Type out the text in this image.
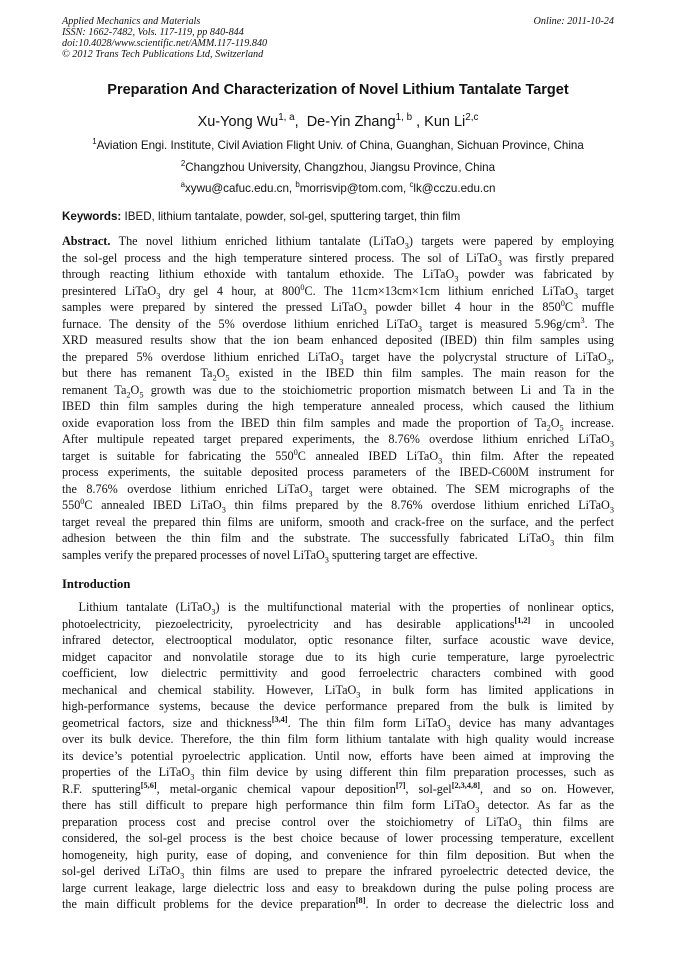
Applied Mechanics and Materials
ISSN: 1662-7482, Vols. 117-119, pp 840-844
doi:10.4028/www.scientific.net/AMM.117-119.840
© 2012 Trans Tech Publications Ltd, Switzerland
Online: 2011-10-24
Preparation And Characterization of Novel Lithium Tantalate Target
Xu-Yong Wu$^{1, a}$,  De-Yin Zhang$^{1, b}$ , Kun Li$^{2,c}$
$^1$Aviation Engi. Institute, Civil Aviation Flight Univ. of China, Guanghan, Sichuan Province, China
$^2$Changzhou University, Changzhou, Jiangsu Province, China
$^a$xywu@cafuc.edu.cn, $^b$morrisvip@tom.com, $^c$lk@cczu.edu.cn
Keywords: IBED, lithium tantalate, powder, sol-gel, sputtering target, thin film
Abstract. The novel lithium enriched lithium tantalate (LiTaO$_3$) targets were papered by employing
the sol-gel process and the high temperature sintered process. The sol of LiTaO$_3$ was firstly prepared
through reacting lithium ethoxide with tantalum ethoxide. The LiTaO$_3$ powder was fabricated by
presintered LiTaO$_3$ dry gel 4 hour, at $800^0C$. The 11cm×13cm×1cm lithium enriched LiTaO$_3$ target
samples were prepared by sintered the pressed LiTaO$_3$ powder billet 4 hour in the $850^0C$ muffle
furnace. The density of the 5% overdose lithium enriched LiTaO$_3$ target is measured $5.96g/cm^3$. The
XRD measured results show that the ion beam enhanced deposited (IBED) thin film samples using
the prepared 5% overdose lithium enriched LiTaO$_3$ target have the polycrystal structure of LiTaO$_3$,
but there has remanent $Ta_2O_5$ existed in the IBED thin film samples. The main reason for the
remanent $Ta_2O_5$ growth was due to the stoichiometric proportion mismatch between Li and Ta in the
IBED thin film samples during the high temperature annealed process, which caused the lithium
oxide evaporation loss from the IBED thin film samples and made the proportion of $Ta_2O_5$ increase.
After multipule repeated target prepared experiments, the 8.76% overdose lithium enriched LiTaO$_3$
target is suitable for fabricating the $550^0C$ annealed IBED LiTaO$_3$ thin film. After the repeated
process experiments, the suitable deposited process parameters of the IBED-C600M instrument for
the 8.76% overdose lithium enriched LiTaO$_3$ target were obtained. The SEM micrographs of the
$550^0C$ annealed IBED LiTaO$_3$ thin films prepared by the 8.76% overdose lithium enriched LiTaO$_3$
target reveal the prepared thin films are uniform, smooth and crack-free on the surface, and the perfect
adhesion between the thin film and the substrate. The successfully fabricated LiTaO$_3$ thin film
samples verify the prepared processes of novel LiTaO$_3$ sputtering target are effective.
Introduction
Lithium tantalate (LiTaO$_3$) is the multifunctional material with the properties of nonlinear optics,
photoelectricity, piezoelectricity, pyroelectricity and has desirable applications[1,2] in uncooled
infrared detector, electrooptical modulator, optic resonance filter, surface acoustic wave device,
midget capacitor and nonvolatile storage due to its high curie temperature, large pyroelectric
coefficient, low dielectric permittivity and good ferroelectric characters combined with good
mechanical and chemical stability. However, LiTaO$_3$ in bulk form has limited applications in
high-performance systems, because the device performance prepared from the bulk is limited by
geometrical factors, size and thickness[3,4]. The thin film form LiTaO$_3$ device has many advantages
over its bulk device. Therefore, the thin film form lithium tantalate with high quality would increase
its device’s potential pyroelectric application. Until now, efforts have been aimed at improving the
properties of the LiTaO$_3$ thin film device by using different thin film preparation processes, such as
R.F. sputtering[5,6], metal-organic chemical vapour deposition[7], sol-gel[2,3,4,8], and so on. However,
there has still difficult to prepare high performance thin film form LiTaO$_3$ detector. As far as the
preparation process cost and precise control over the stoichiometry of LiTaO$_3$ thin films are
considered, the sol-gel process is the best choice because of lower processing temperature, excellent
homogeneity, high purity, ease of doping, and convenience for thin film deposition. But when the
sol-gel derived LiTaO$_3$ thin films are used to prepare the infrared pyroelectric detected device, the
large current leakage, large dielectric loss and easy to breakdown during the pulse poling process are
the main difficult problems for the device preparation[8]. In order to decrease the dielectric loss and
